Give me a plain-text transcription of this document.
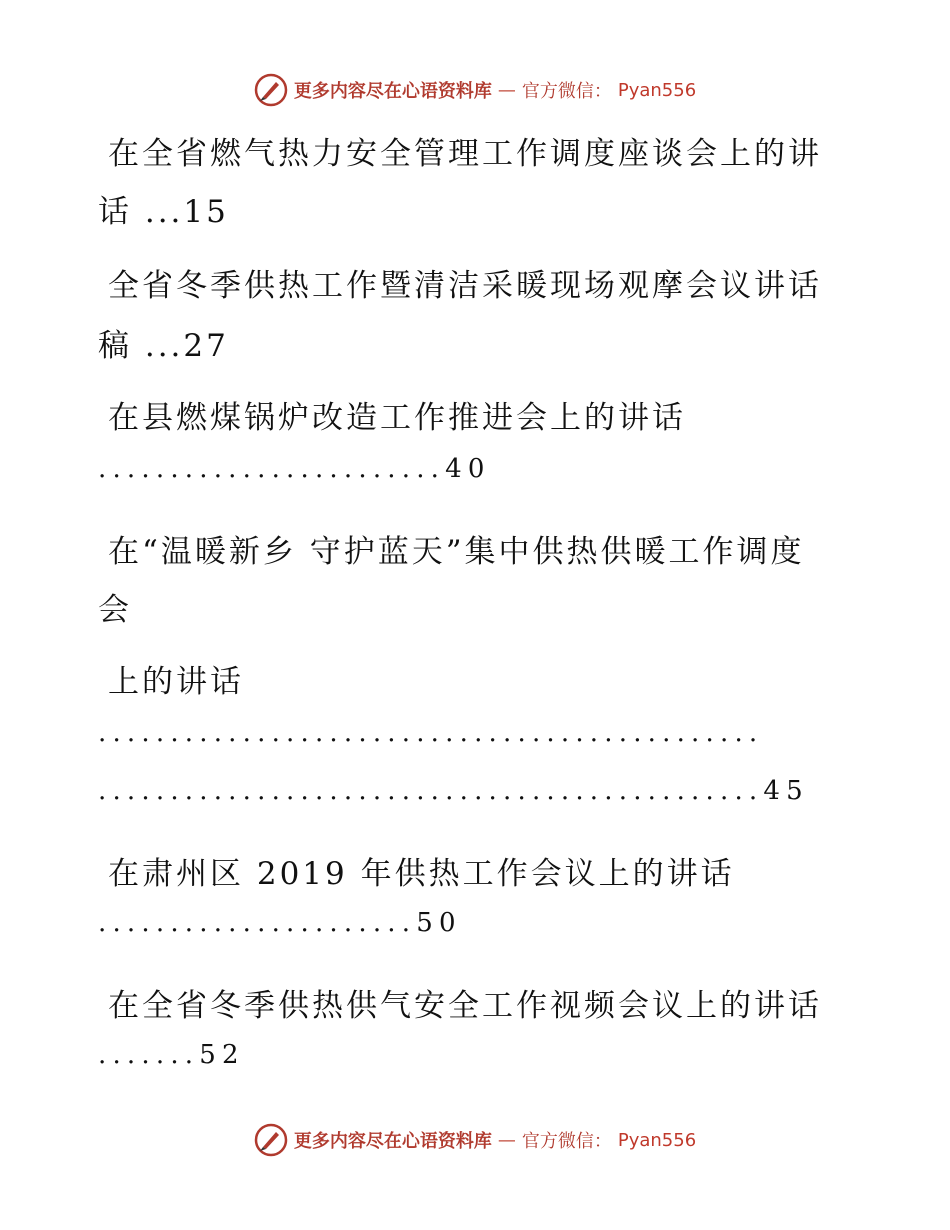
更多内容尽在心语资料库 — 官方微信： Pyan556
在全省燃气热力安全管理工作调度座谈会上的讲
话 ...15
全省冬季供热工作暨清洁采暖现场观摩会议讲话
稿 ...27
在县燃煤锅炉改造工作推进会上的讲话
........................40
在“温暖新乡 守护蓝天”集中供热供暖工作调度
会
上的讲话
..............................................
..............................................45
在肃州区 2019 年供热工作会议上的讲话
......................50
在全省冬季供热供气安全工作视频会议上的讲话
.......52
更多内容尽在心语资料库 — 官方微信： Pyan556
